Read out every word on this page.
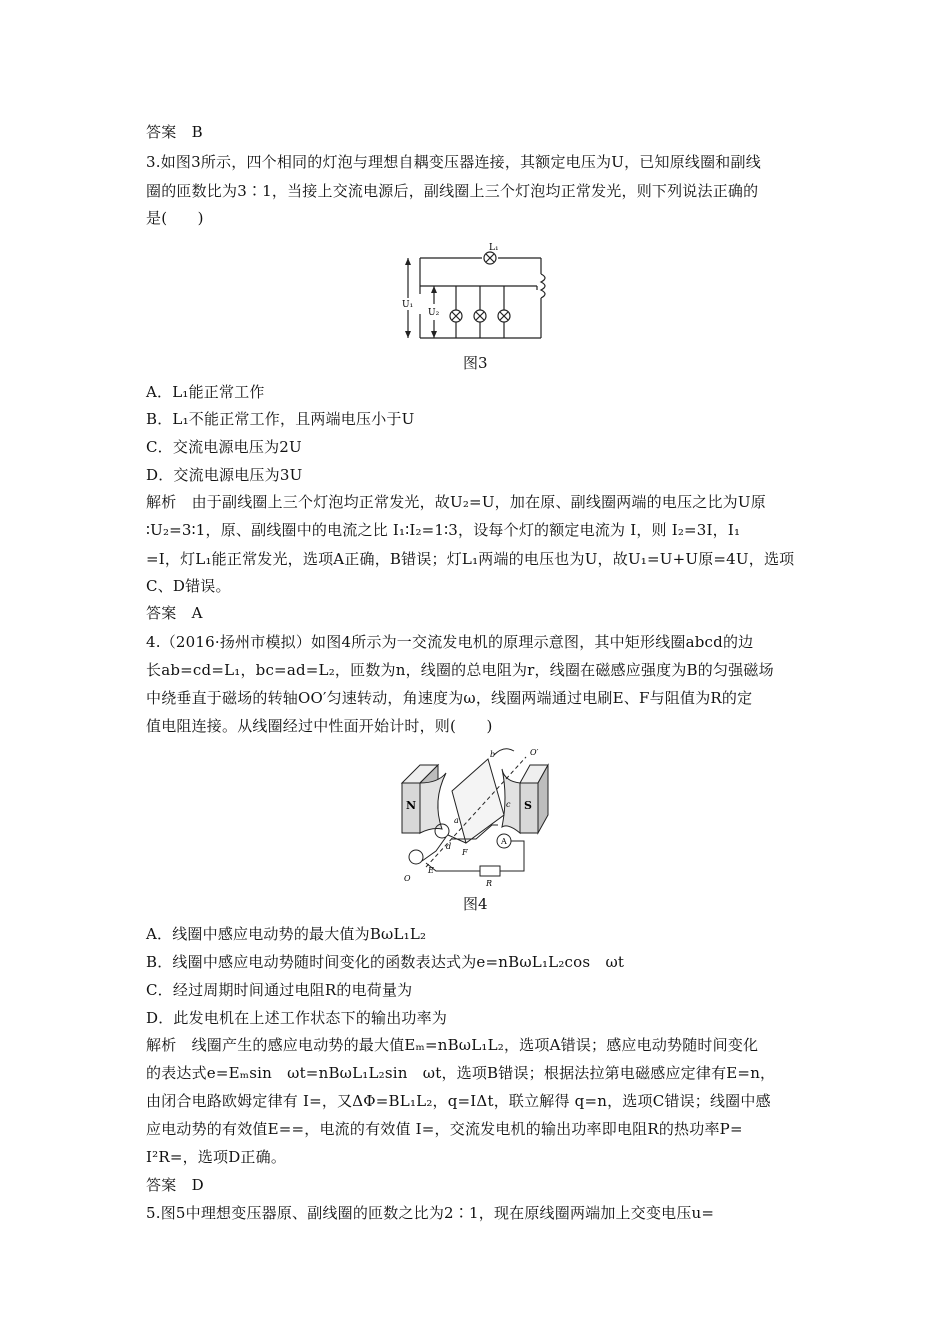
答案　B
3.如图3所示，四个相同的灯泡与理想自耦变压器连接，其额定电压为U，已知原线圈和副线
圈的匝数比为3∶1，当接上交流电源后，副线圈上三个灯泡均正常发光，则下列说法正确的
是(　　)
L₁
U₁
U₂
图3
A．L₁能正常工作
B．L₁不能正常工作，且两端电压小于U
C．交流电源电压为2U
D．交流电源电压为3U
解析　由于副线圈上三个灯泡均正常发光，故U₂=U，加在原、副线圈两端的电压之比为U原
∶U₂=3∶1，原、副线圈中的电流之比 I₁∶I₂=1∶3，设每个灯的额定电流为 I，则 I₂=3I，I₁
=I，灯L₁能正常发光，选项A正确，B错误；灯L₁两端的电压也为U，故U₁=U+U原=4U，选项
C、D错误。
答案　A
4.（2016·扬州市模拟）如图4所示为一交流发电机的原理示意图，其中矩形线圈abcd的边
长ab=cd=L₁，bc=ad=L₂，匝数为n，线圈的总电阻为r，线圈在磁感应强度为B的匀强磁场
中绕垂直于磁场的转轴OO′匀速转动，角速度为ω，线圈两端通过电刷E、F与阻值为R的定
值电阻连接。从线圈经过中性面开始计时，则(　　)
N	S
a
b
c
d
O′
O
E
F
A
R
图4
A．线圈中感应电动势的最大值为BωL₁L₂
B．线圈中感应电动势随时间变化的函数表达式为e=nBωL₁L₂cos　ωt
C．经过周期时间通过电阻R的电荷量为
D．此发电机在上述工作状态下的输出功率为
解析　线圈产生的感应电动势的最大值Eₘ=nBωL₁L₂，选项A错误；感应电动势随时间变化
的表达式e=Eₘsin　ωt=nBωL₁L₂sin　ωt，选项B错误；根据法拉第电磁感应定律有E=n，
由闭合电路欧姆定律有 I=，又ΔΦ=BL₁L₂，q=IΔt，联立解得 q=n，选项C错误；线圈中感
应电动势的有效值E==，电流的有效值 I=，交流发电机的输出功率即电阻R的热功率P=
I²R=，选项D正确。
答案　D
5.图5中理想变压器原、副线圈的匝数之比为2∶1，现在原线圈两端加上交变电压u=
